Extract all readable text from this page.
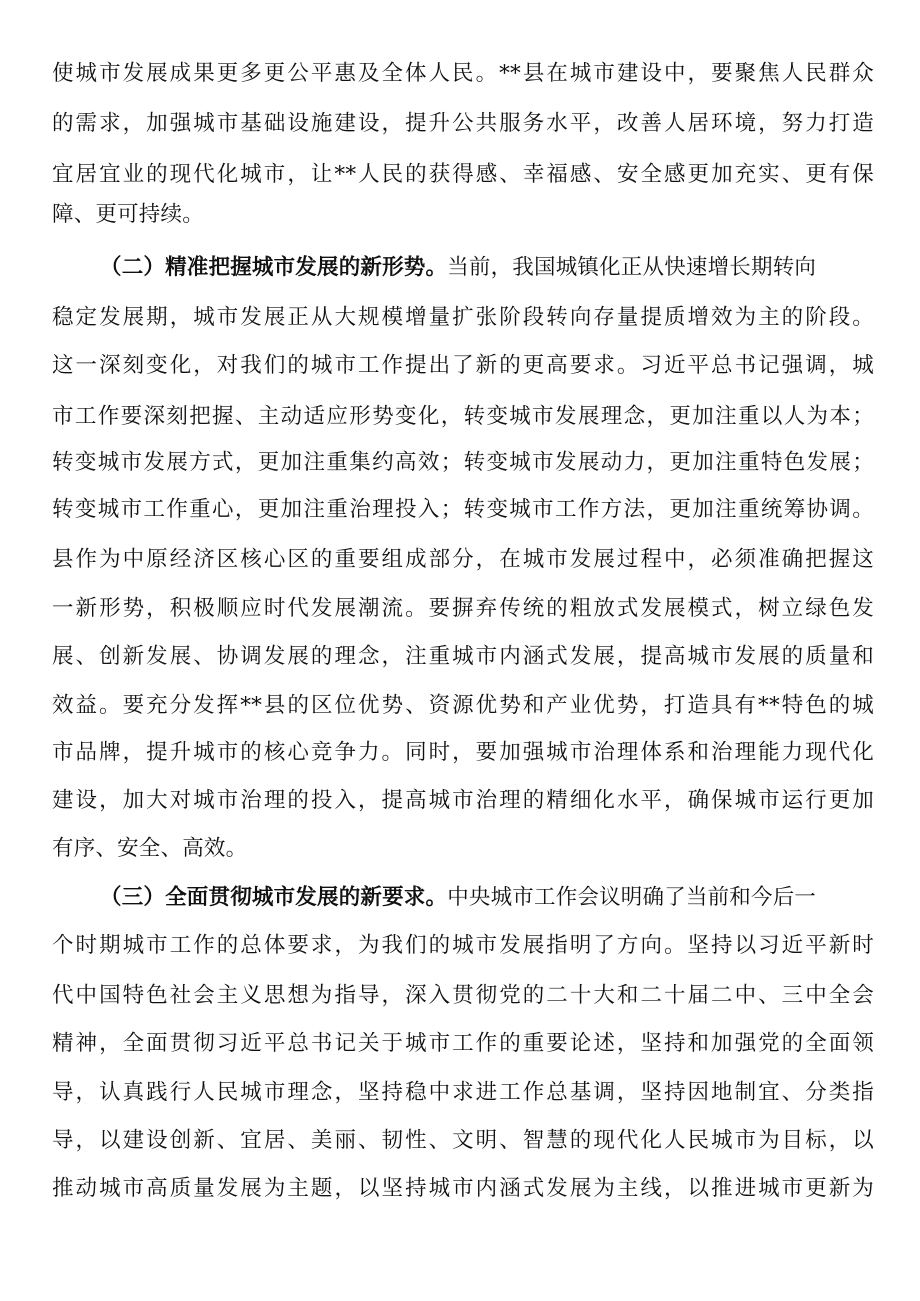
使城市发展成果更多更公平惠及全体人民。**县在城市建设中，要聚焦人民群众
的需求，加强城市基础设施建设，提升公共服务水平，改善人居环境，努力打造
宜居宜业的现代化城市，让**人民的获得感、幸福感、安全感更加充实、更有保
障、更可持续。
（二）精准把握城市发展的新形势。当前，我国城镇化正从快速增长期转向
稳定发展期，城市发展正从大规模增量扩张阶段转向存量提质增效为主的阶段。
这一深刻变化，对我们的城市工作提出了新的更高要求。习近平总书记强调，城
市工作要深刻把握、主动适应形势变化，转变城市发展理念，更加注重以人为本；
转变城市发展方式，更加注重集约高效；转变城市发展动力，更加注重特色发展；
转变城市工作重心，更加注重治理投入；转变城市工作方法，更加注重统筹协调。
县作为中原经济区核心区的重要组成部分，在城市发展过程中，必须准确把握这
一新形势，积极顺应时代发展潮流。要摒弃传统的粗放式发展模式，树立绿色发
展、创新发展、协调发展的理念，注重城市内涵式发展，提高城市发展的质量和
效益。要充分发挥**县的区位优势、资源优势和产业优势，打造具有**特色的城
市品牌，提升城市的核心竞争力。同时，要加强城市治理体系和治理能力现代化
建设，加大对城市治理的投入，提高城市治理的精细化水平，确保城市运行更加
有序、安全、高效。
（三）全面贯彻城市发展的新要求。中央城市工作会议明确了当前和今后一
个时期城市工作的总体要求，为我们的城市发展指明了方向。坚持以习近平新时
代中国特色社会主义思想为指导，深入贯彻党的二十大和二十届二中、三中全会
精神，全面贯彻习近平总书记关于城市工作的重要论述，坚持和加强党的全面领
导，认真践行人民城市理念，坚持稳中求进工作总基调，坚持因地制宜、分类指
导，以建设创新、宜居、美丽、韧性、文明、智慧的现代化人民城市为目标，以
推动城市高质量发展为主题，以坚持城市内涵式发展为主线，以推进城市更新为
